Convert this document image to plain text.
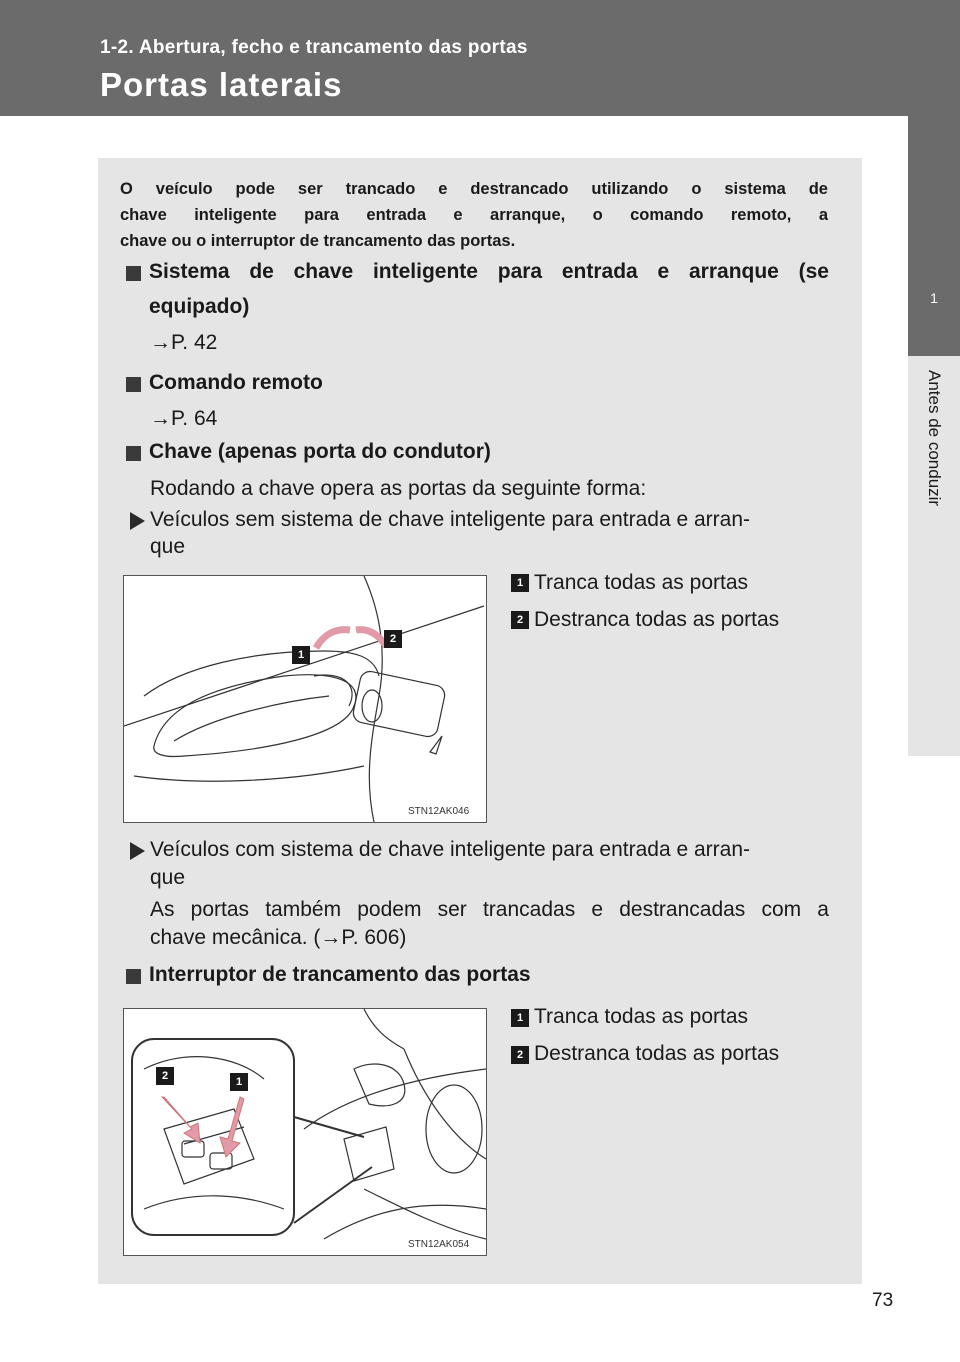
1-2. Abertura, fecho e trancamento das portas
Portas laterais
1
Antes de conduzir
O veículo pode ser trancado e destrancado utilizando o sistema de
chave inteligente para entrada e arranque, o comando remoto, a
chave ou o interruptor de trancamento das portas.
Sistema de chave inteligente para entrada e arranque (se
equipado)
→P. 42
Comando remoto
→P. 64
Chave (apenas porta do condutor)
Rodando a chave opera as portas da seguinte forma:
Veículos sem sistema de chave inteligente para entrada e arran-
que
1
2
STN12AK046
1 Tranca todas as portas
2 Destranca todas as portas
Veículos com sistema de chave inteligente para entrada e arran-
que
As portas também podem ser trancadas e destrancadas com a
chave mecânica. (→P. 606)
Interruptor de trancamento das portas
2	1
STN12AK054
1 Tranca todas as portas
2 Destranca todas as portas
73
